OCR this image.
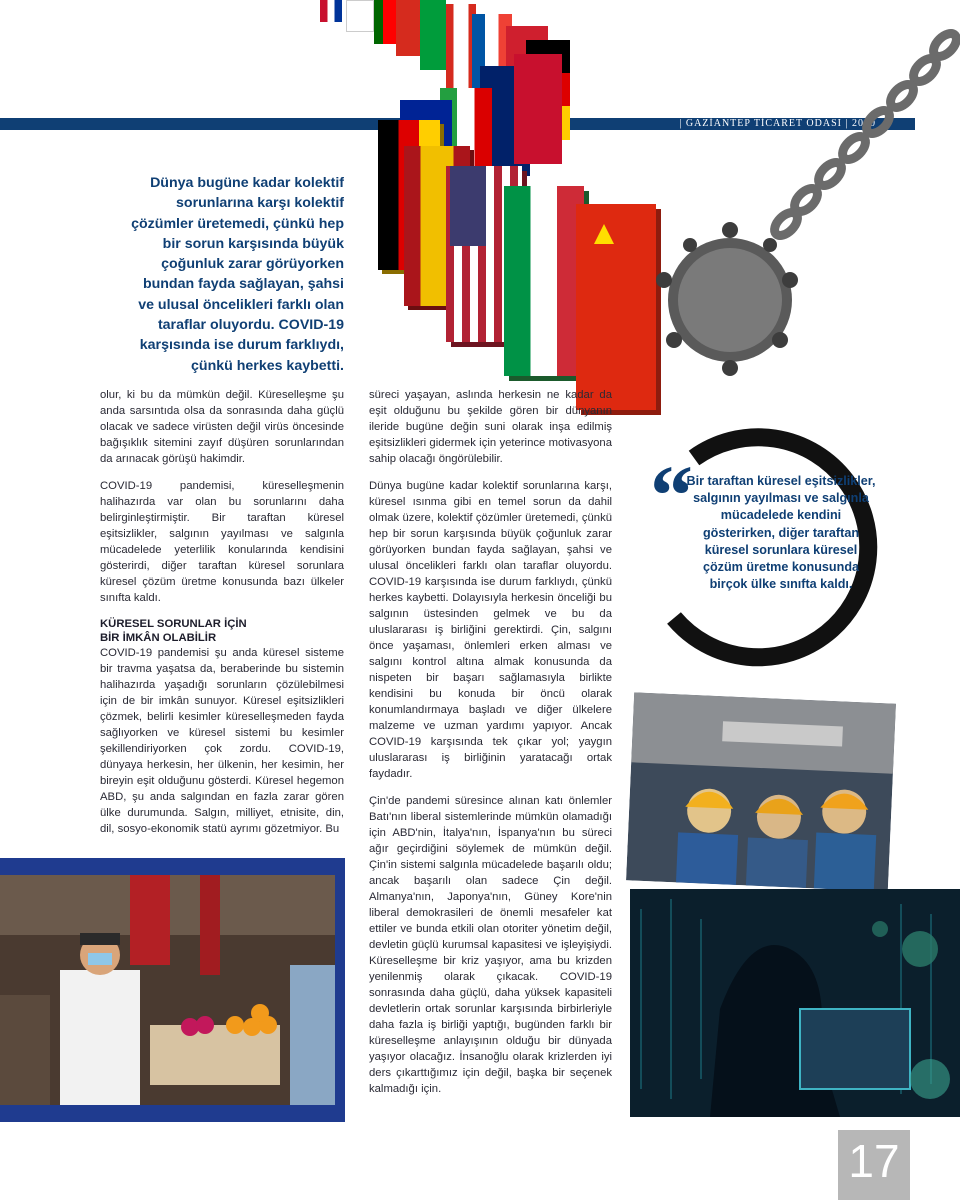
| GAZİANTEP TİCARET ODASI | 2020
Dünya bugüne kadar kolektif sorunlarına karşı kolektif çözümler üretemedi, çünkü hep bir sorun karşısında büyük çoğunluk zarar görüyorken bundan fayda sağlayan, şahsi ve ulusal öncelikleri farklı olan taraflar oluyordu. COVID-19 karşısında ise durum farklıydı, çünkü herkes kaybetti.

olur, ki bu da mümkün değil. Küreselleşme şu anda sarsıntıda olsa da sonrasında daha güçlü olacak ve sadece virüsten değil virüs öncesinde bağışıklık sitemini zayıf düşüren sorunlarından da arınacak görüşü hakimdir.

COVID-19 pandemisi, küreselleşmenin halihazırda var olan bu sorunlarını daha belirginleştirmiştir. Bir taraftan küresel eşitsizlikler, salgının yayılması ve salgınla mücadelede yeterlilik konularında kendisini gösterirdi, diğer taraftan küresel sorunlara küresel çözüm üretme konusunda bazı ülkeler sınıfta kaldı.

KÜRESEL SORUNLAR İÇİN
BİR İMKÂN OLABİLİR

COVID-19 pandemisi şu anda küresel sisteme bir travma yaşatsa da, beraberinde bu sistemin halihazırda yaşadığı sorunların çözülebilmesi için de bir imkân sunuyor. Küresel eşitsizlikleri çözmek, belirli kesimler küreselleşmeden fayda sağlıyorken ve küresel sistemi bu kesimler şekillendiriyorken çok zordu. COVID-19, dünyaya herkesin, her ülkenin, her kesimin, her bireyin eşit olduğunu gösterdi. Küresel hegemon ABD, şu anda salgından en fazla zarar gören ülke durumunda. Salgın, milliyet, etnisite, din, dil, sosyo-ekonomik statü ayrımı gözetmiyor. Bu

süreci yaşayan, aslında herkesin ne kadar da eşit olduğunu bu şekilde gören bir dünyanın ileride bugüne değin suni olarak inşa edilmiş eşitsizlikleri gidermek için yeterince motivasyona sahip olacağı öngörülebilir.

Dünya bugüne kadar kolektif sorunlarına karşı, küresel ısınma gibi en temel sorun da dahil olmak üzere, kolektif çözümler üretemedi, çünkü hep bir sorun karşısında büyük çoğunluk zarar görüyorken bundan fayda sağlayan, şahsi ve ulusal öncelikleri farklı olan taraflar oluyordu. COVID-19 karşısında ise durum farklıydı, çünkü herkes kaybetti. Dolayısıyla herkesin önceliği bu salgının üstesinden gelmek ve bu da uluslararası iş birliğini gerektirdi. Çin, salgını önce yaşaması, önlemleri erken alması ve salgını kontrol altına almak konusunda da nispeten bir başarı sağlamasıyla birlikte kendisini bu konuda bir öncü olarak konumlandırmaya başladı ve diğer ülkelere malzeme ve uzman yardımı yapıyor. Ancak COVID-19 karşısında tek çıkar yol; yaygın uluslararası iş birliğinin yaratacağı ortak faydadır.

Çin'de pandemi süresince alınan katı önlemler Batı'nın liberal sistemlerinde mümkün olamadığı için ABD'nin, İtalya'nın, İspanya'nın bu süreci ağır geçirdiğini söylemek de mümkün değil. Çin'in sistemi salgınla mücadelede başarılı oldu; ancak başarılı olan sadece Çin değil. Almanya'nın, Japonya'nın, Güney Kore'nin liberal demokrasileri de önemli mesafeler kat ettiler ve bunda etkili olan otoriter yönetim değil, devletin güçlü kurumsal kapasitesi ve işleyişiydi. Küreselleşme bir kriz yaşıyor, ama bu krizden yenilenmiş olarak çıkacak. COVID-19 sonrasında daha güçlü, daha yüksek kapasiteli devletlerin ortak sorunlar karşısında birbirleriyle daha fazla iş birliği yaptığı, bugünden farklı bir küreselleşme anlayışının olduğu bir dünyada yaşıyor olacağız. İnsanoğlu olarak krizlerden iyi ders çıkarttığımız için değil, başka bir seçenek kalmadığı için.

“
Bir taraftan küresel eşitsizlikler, salgının yayılması ve salgınla mücadelede kendini gösterirken, diğer taraftan küresel sorunlara küresel çözüm üretme konusunda birçok ülke sınıfta kaldı.
17
